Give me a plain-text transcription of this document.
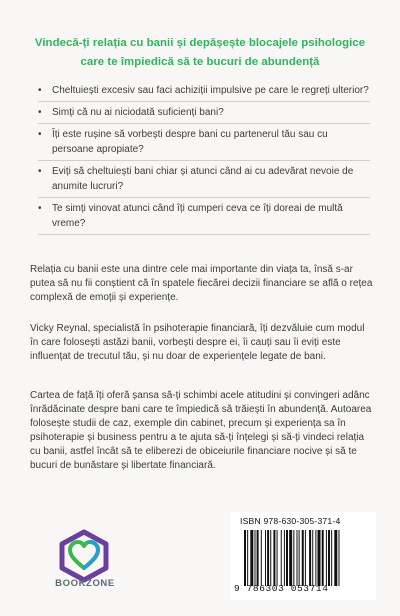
Vindecă-ți relația cu banii și depășește blocajele psihologice care te împiedică să te bucuri de abundență
• Cheltuiești excesiv sau faci achiziții impulsive pe care le regreți ulterior?
• Simți că nu ai niciodată suficienți bani?
• Îți este rușine să vorbești despre bani cu partenerul tău sau cu persoane apropiate?
• Eviți să cheltuiești bani chiar și atunci când ai cu adevărat nevoie de anumite lucruri?
• Te simți vinovat atunci când îți cumperi ceva ce îți doreai de multă vreme?

Relația cu banii este una dintre cele mai importante din viața ta, însă s-ar putea să nu fii conștient că în spatele fiecărei decizii financiare se află o rețea complexă de emoții și experiențe.

Vicky Reynal, specialistă în psihoterapie financiară, îți dezvăluie cum modul în care folosești astăzi banii, vorbești despre ei, îi cauți sau îi eviți este influențat de trecutul tău, și nu doar de experiențele legate de bani.

Cartea de față îți oferă șansa să-ți schimbi acele atitudini și convingeri adânc înrădăcinate despre bani care te împiedică să trăiești în abundență. Autoarea folosește studii de caz, exemple din cabinet, precum și experiența sa în psihoterapie și business pentru a te ajuta să-ți înțelegi și să-ți vindeci relația cu banii, astfel încât să te eliberezi de obiceiurile financiare nocive și să te bucuri de bunăstare și libertate financiară.

BOOKZONE
ISBN 978-630-305-371-4
9 786303 053714
